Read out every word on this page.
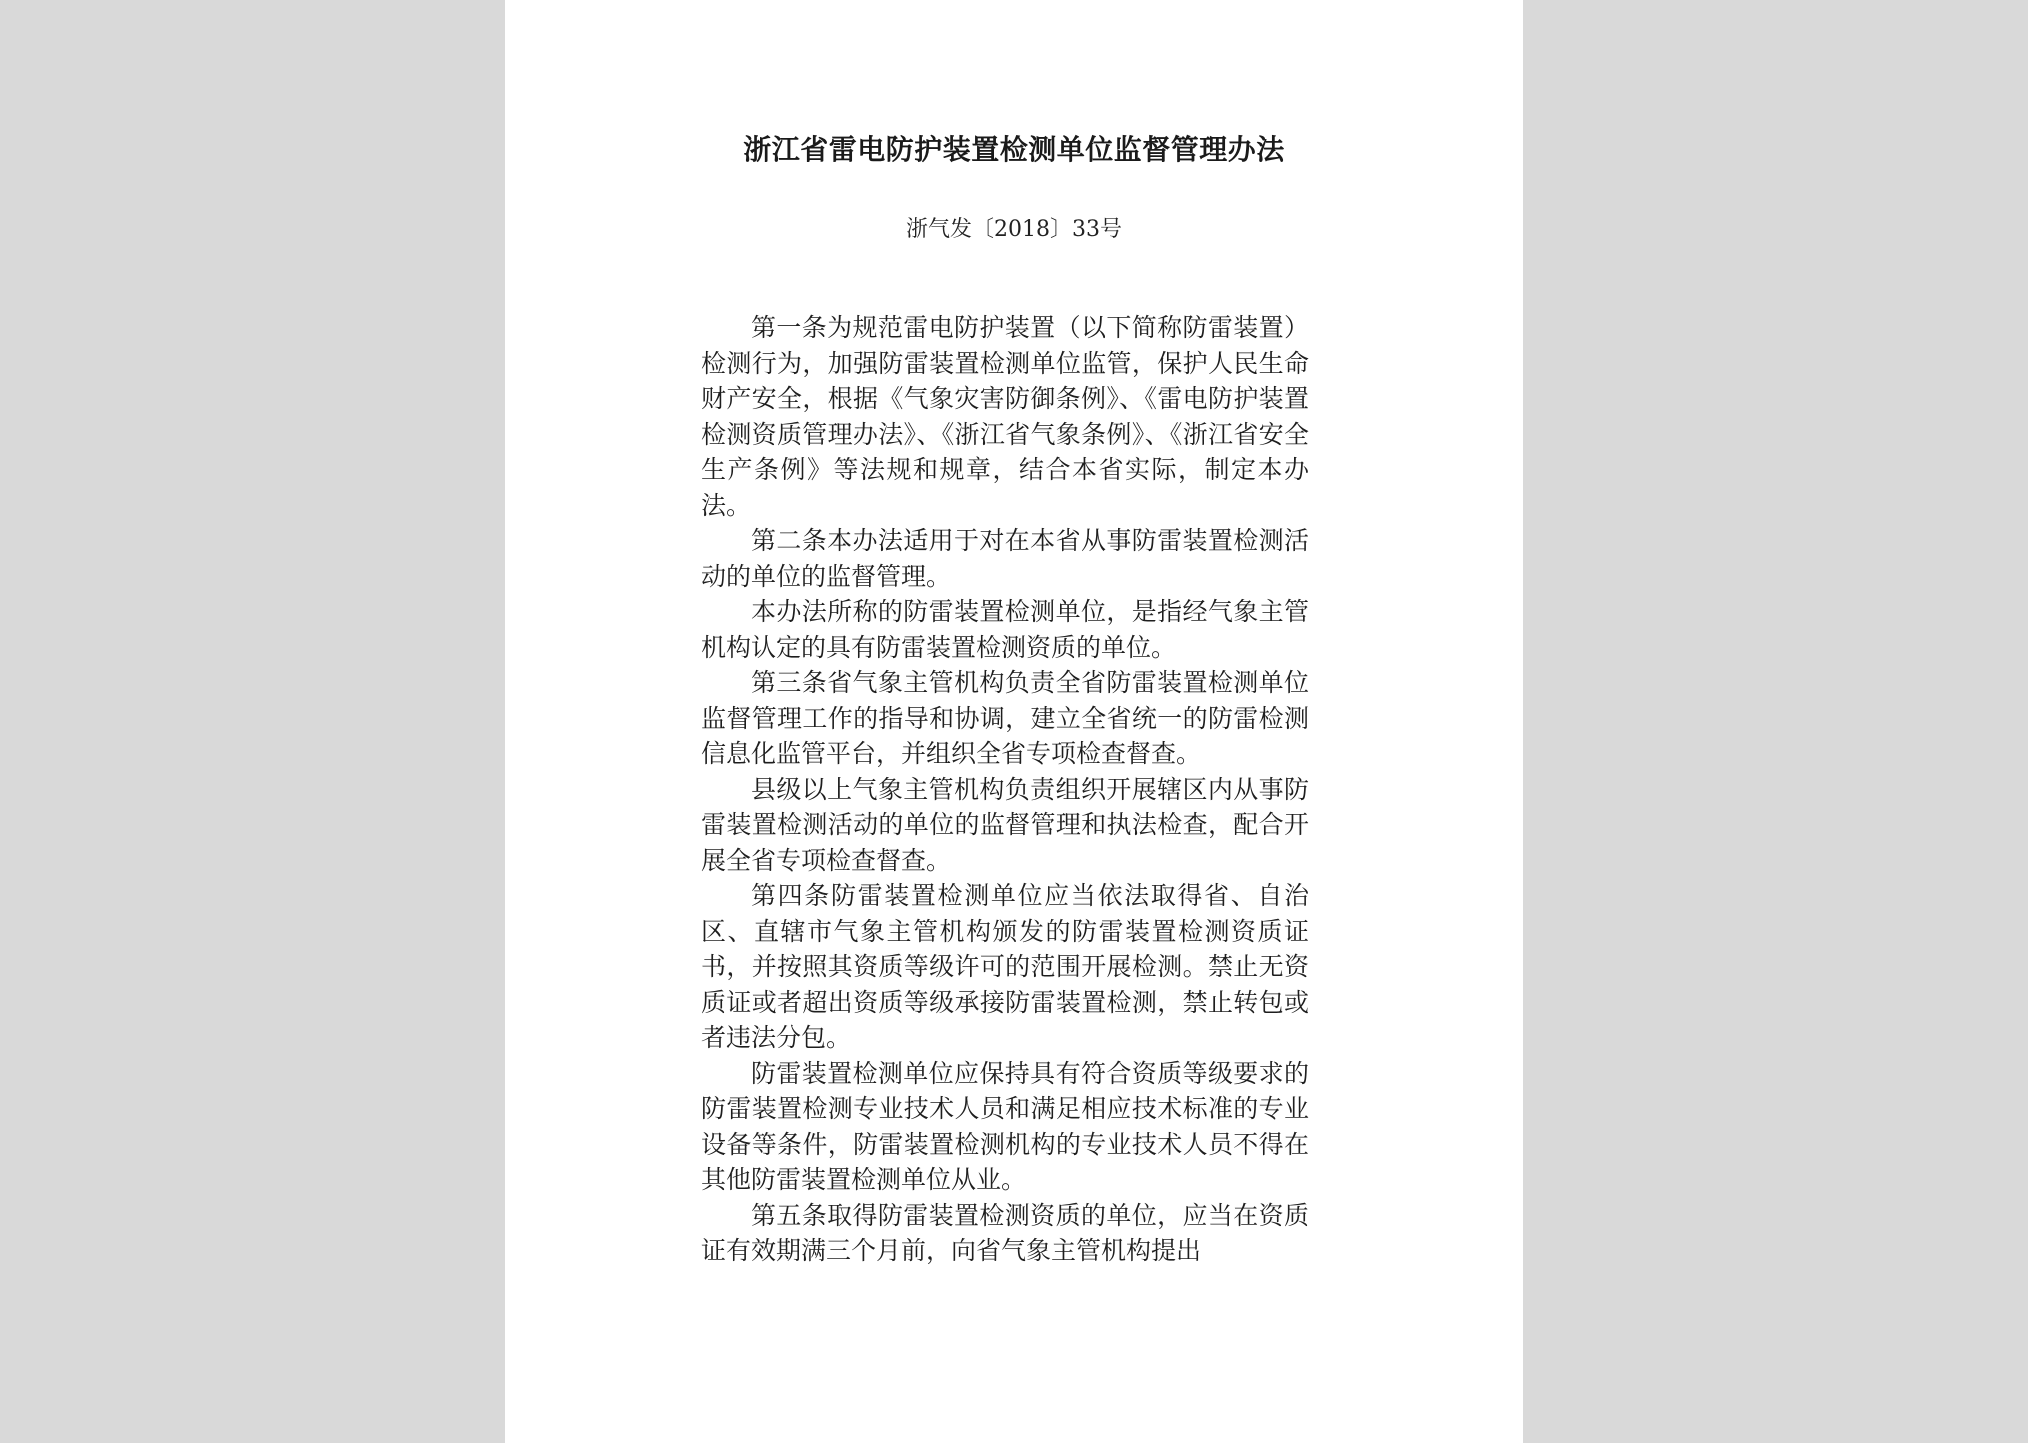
浙江省雷电防护装置检测单位监督管理办法
浙气发〔2018〕33号

第一条为规范雷电防护装置（以下简称防雷装置）检测行为，加强防雷装置检测单位监管，保护人民生命财产安全，根据《气象灾害防御条例》、《雷电防护装置检测资质管理办法》、《浙江省气象条例》、《浙江省安全生产条例》等法规和规章，结合本省实际，制定本办法。

第二条本办法适用于对在本省从事防雷装置检测活动的单位的监督管理。

本办法所称的防雷装置检测单位，是指经气象主管机构认定的具有防雷装置检测资质的单位。

第三条省气象主管机构负责全省防雷装置检测单位监督管理工作的指导和协调，建立全省统一的防雷检测信息化监管平台，并组织全省专项检查督查。

县级以上气象主管机构负责组织开展辖区内从事防雷装置检测活动的单位的监督管理和执法检查，配合开展全省专项检查督查。

第四条防雷装置检测单位应当依法取得省、自治区、直辖市气象主管机构颁发的防雷装置检测资质证书，并按照其资质等级许可的范围开展检测。禁止无资质证或者超出资质等级承接防雷装置检测，禁止转包或者违法分包。

防雷装置检测单位应保持具有符合资质等级要求的防雷装置检测专业技术人员和满足相应技术标准的专业设备等条件，防雷装置检测机构的专业技术人员不得在其他防雷装置检测单位从业。

第五条取得防雷装置检测资质的单位，应当在资质证有效期满三个月前，向省气象主管机构提出
